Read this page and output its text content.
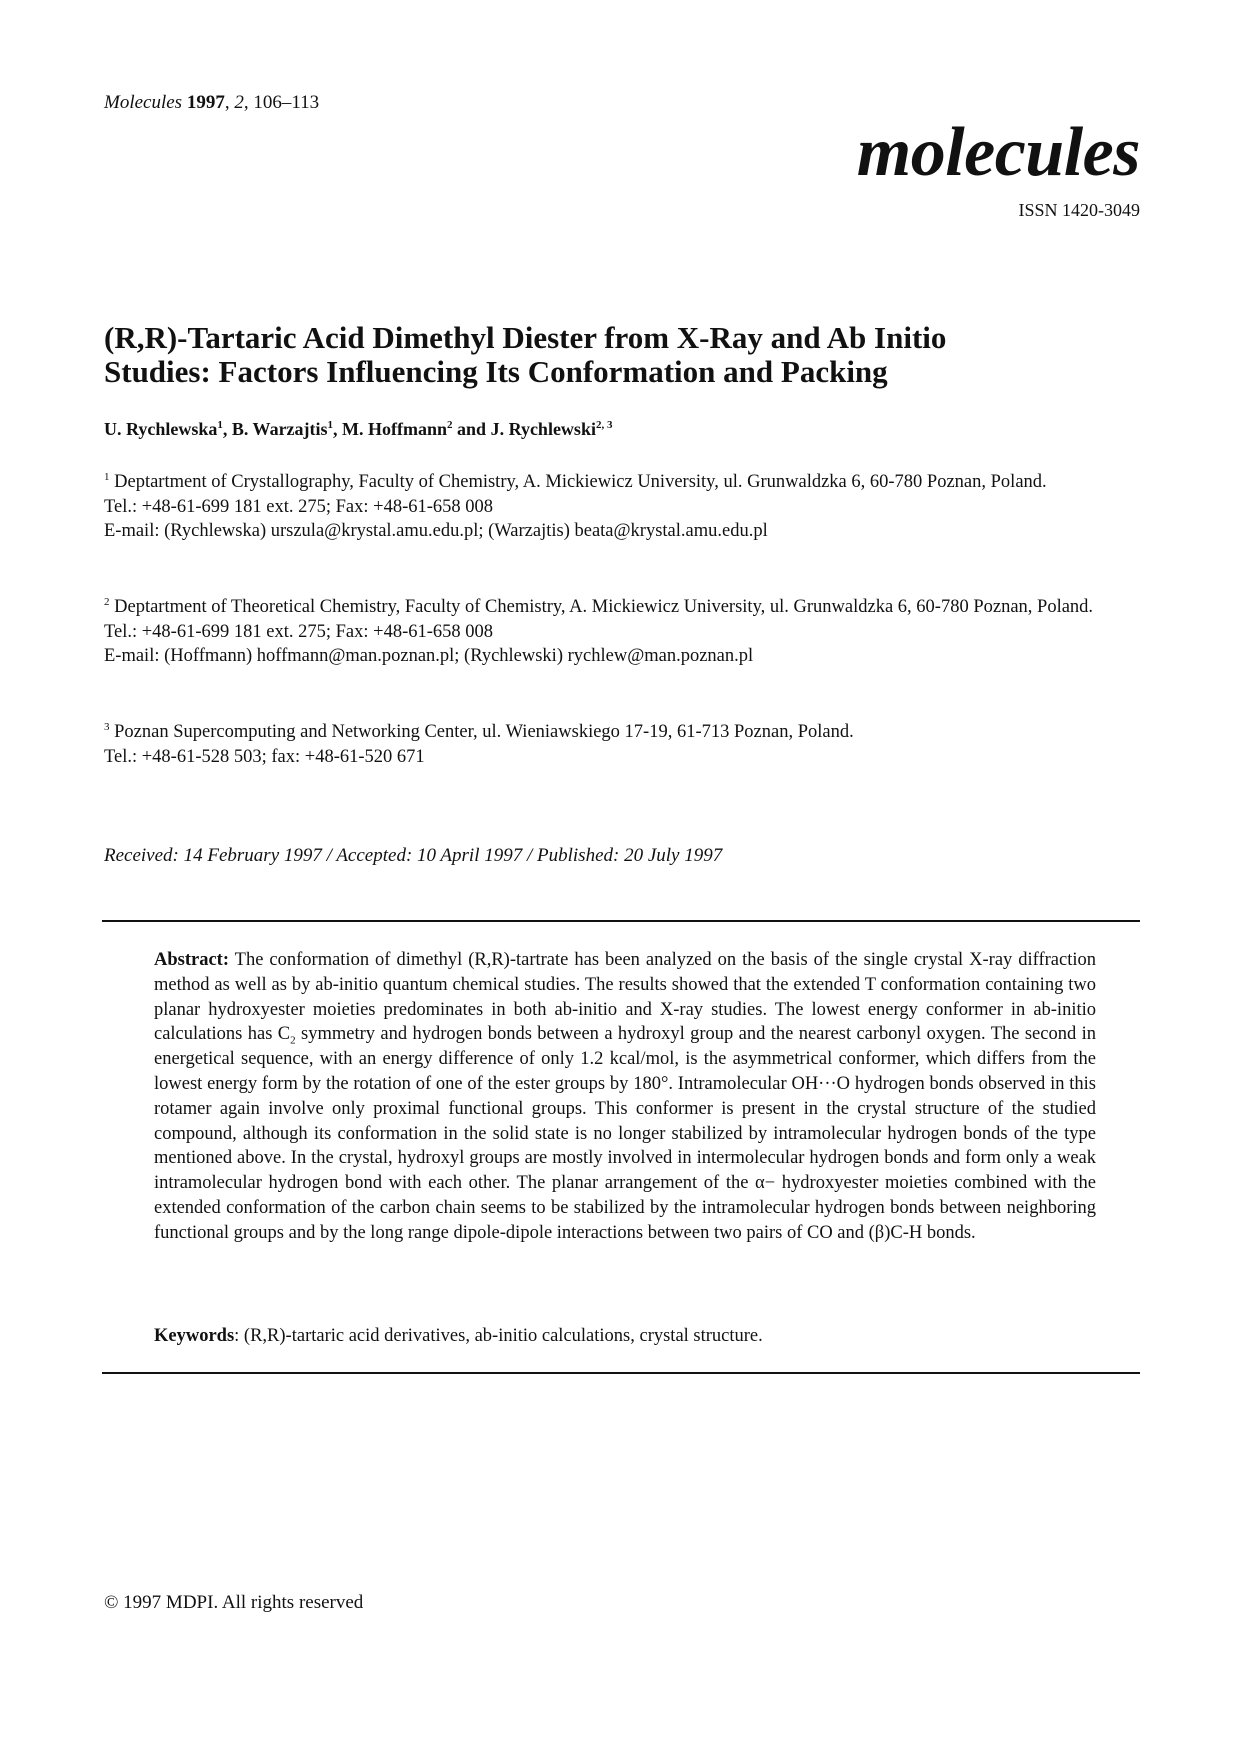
Molecules 1997, 2, 106–113
molecules
ISSN 1420-3049
(R,R)-Tartaric Acid Dimethyl Diester from X-Ray and Ab Initio
Studies: Factors Influencing Its Conformation and Packing
U. Rychlewska$^1$, B. Warzajtis$^1$, M. Hoffmann$^2$ and J. Rychlewski$^{2, 3}$
$^1$ Deptartment of Crystallography, Faculty of Chemistry, A. Mickiewicz University, ul. Grunwaldzka 6, 60-780 Poznan, Poland.
Tel.: +48-61-699 181 ext. 275; Fax: +48-61-658 008
E-mail: (Rychlewska) urszula@krystal.amu.edu.pl; (Warzajtis) beata@krystal.amu.edu.pl
$^2$ Deptartment of Theoretical Chemistry, Faculty of Chemistry, A. Mickiewicz University, ul. Grunwaldzka 6, 60-780 Poznan, Poland.
Tel.: +48-61-699 181 ext. 275; Fax: +48-61-658 008
E-mail: (Hoffmann) hoffmann@man.poznan.pl; (Rychlewski) rychlew@man.poznan.pl
$^3$ Poznan Supercomputing and Networking Center, ul. Wieniawskiego 17-19, 61-713 Poznan, Poland.
Tel.: +48-61-528 503; fax: +48-61-520 671
Received: 14 February 1997 / Accepted: 10 April 1997 / Published: 20 July 1997
Abstract: The conformation of dimethyl (R,R)-tartrate has been analyzed on the basis of the single crystal X-ray diffraction method as well as by ab-initio quantum chemical studies. The results showed that the extended T conformation containing two planar hydroxyester moieties predominates in both ab-initio and X-ray studies. The lowest energy conformer in ab-initio calculations has $C_2$ symmetry and hydrogen bonds between a hydroxyl group and the nearest carbonyl oxygen. The second in energetical sequence, with an energy difference of only 1.2 kcal/mol, is the asymmetrical conformer, which differs from the lowest energy form by the rotation of one of the ester groups by 180°. Intramolecular OH···O hydrogen bonds observed in this rotamer again involve only proximal functional groups. This conformer is present in the crystal structure of the studied compound, although its conformation in the solid state is no longer stabilized by intramolecular hydrogen bonds of the type mentioned above. In the crystal, hydroxyl groups are mostly involved in intermolecular hydrogen bonds and form only a weak intramolecular hydrogen bond with each other. The planar arrangement of the α− hydroxyester moieties combined with the extended conformation of the carbon chain seems to be stabilized by the intramolecular hydrogen bonds between neighboring functional groups and by the long range dipole-dipole interactions between two pairs of CO and (β)C-H bonds.
Keywords: (R,R)-tartaric acid derivatives, ab-initio calculations, crystal structure.
© 1997 MDPI. All rights reserved
